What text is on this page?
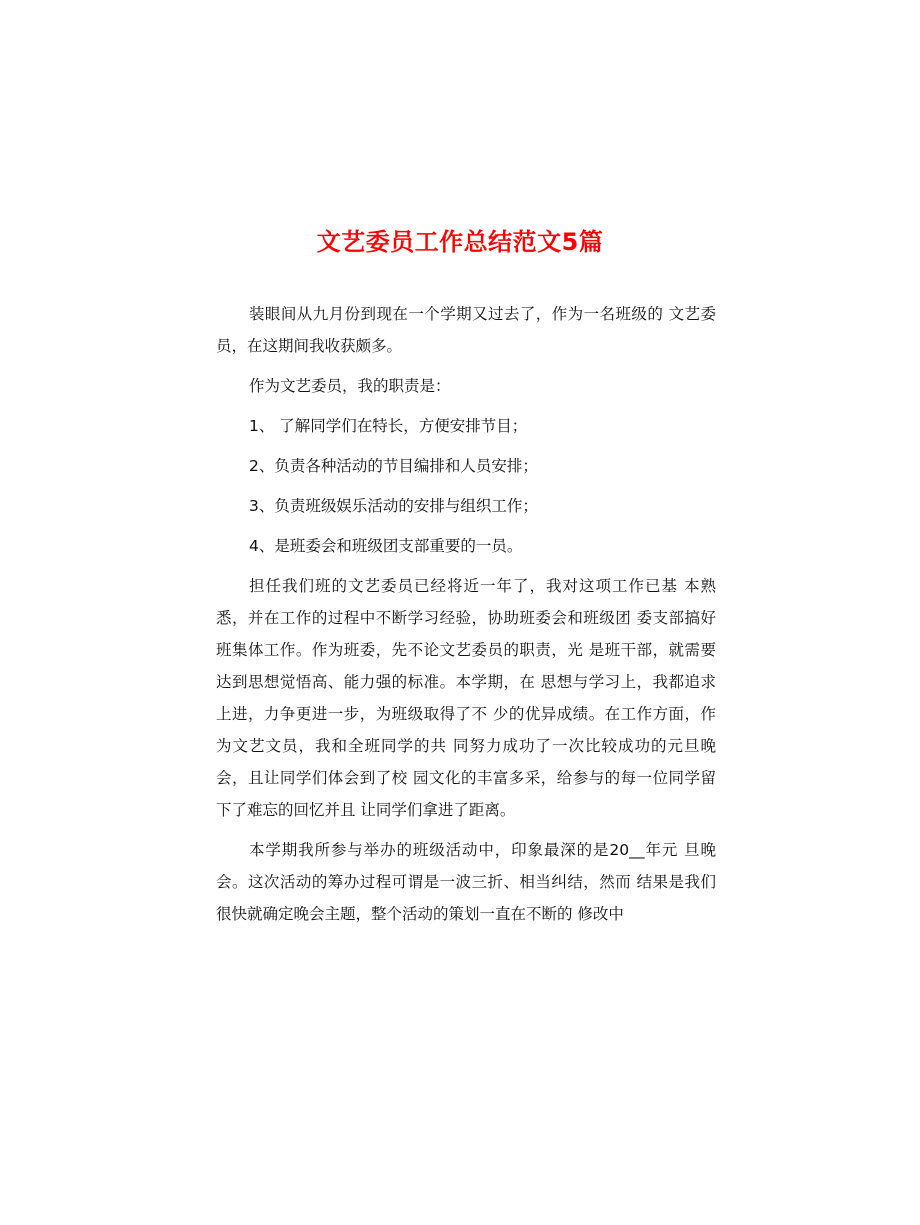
文艺委员工作总结范文5篇

装眼间从九月份到现在一个学期又过去了，作为一名班级的 文艺委员，在这期间我收获颇多。

作为文艺委员，我的职责是：

1、 了解同学们在特长，方便安排节目；

2、负责各种活动的节目编排和人员安排；

3、负责班级娱乐活动的安排与组织工作；

4、是班委会和班级团支部重要的一员。

担任我们班的文艺委员已经将近一年了，我对这项工作已基 本熟悉，并在工作的过程中不断学习经验，协助班委会和班级团 委支部搞好班集体工作。作为班委，先不论文艺委员的职责，光 是班干部，就需要达到思想觉悟高、能力强的标准。本学期，在 思想与学习上，我都追求上进，力争更进一步，为班级取得了不 少的优异成绩。在工作方面，作为文艺文员，我和全班同学的共 同努力成功了一次比较成功的元旦晚会，且让同学们体会到了校 园文化的丰富多采，给参与的每一位同学留下了难忘的回忆并且 让同学们拿进了距离。

本学期我所参与举办的班级活动中，印象最深的是20__年元 旦晚会。这次活动的筹办过程可谓是一波三折、相当纠结，然而 结果是我们很快就确定晚会主题，整个活动的策划一直在不断的 修改中
